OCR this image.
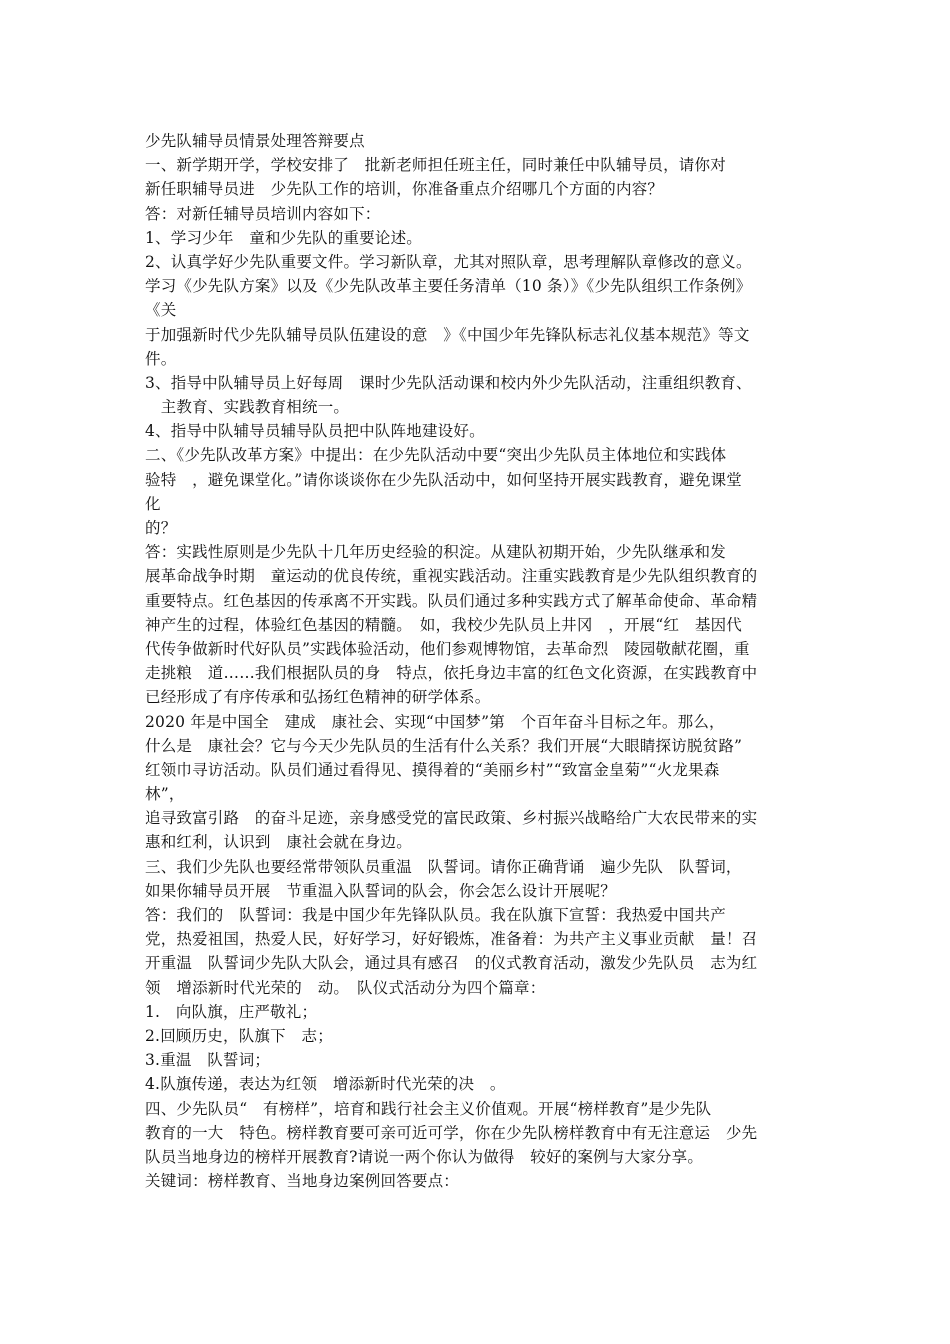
少先队辅导员情景处理答辩要点
一、新学期开学，学校安排了　批新老师担任班主任，同时兼任中队辅导员，请你对
新任职辅导员进　少先队工作的培训，你准备重点介绍哪几个方面的内容？
答：对新任辅导员培训内容如下：
1、学习少年　童和少先队的重要论述。
2、认真学好少先队重要文件。学习新队章，尤其对照队章，思考理解队章修改的意义。
学习《少先队方案》以及《少先队改革主要任务清单（10 条）》《少先队组织工作条例》
《关
于加强新时代少先队辅导员队伍建设的意　》《中国少年先锋队标志礼仪基本规范》等文
件。
3、指导中队辅导员上好每周　课时少先队活动课和校内外少先队活动，注重组织教育、
　主教育、实践教育相统一。
4、指导中队辅导员辅导队员把中队阵地建设好。
二、《少先队改革方案》中提出：在少先队活动中要“突出少先队员主体地位和实践体
验特　，避免课堂化。”请你谈谈你在少先队活动中，如何坚持开展实践教育，避免课堂
化
的？
答：实践性原则是少先队十几年历史经验的积淀。从建队初期开始，少先队继承和发
展革命战争时期　童运动的优良传统，重视实践活动。注重实践教育是少先队组织教育的
重要特点。红色基因的传承离不开实践。队员们通过多种实践方式了解革命使命、革命精
神产生的过程，体验红色基因的精髓。　如，我校少先队员上井冈　，开展“红　基因代
代传争做新时代好队员”实践体验活动，他们参观博物馆，去革命烈　陵园敬献花圈，重
走挑粮　道……我们根据队员的身　特点，依托身边丰富的红色文化资源，在实践教育中
已经形成了有序传承和弘扬红色精神的研学体系。
2020 年是中国全　建成　康社会、实现“中国梦”第　个百年奋斗目标之年。那么，
什么是　康社会？它与今天少先队员的生活有什么关系？我们开展“大眼睛探访脱贫路”
红领巾寻访活动。队员们通过看得见、摸得着的“美丽乡村”“致富金皇菊”“火龙果森
林”，
追寻致富引路　的奋斗足迹，亲身感受党的富民政策、乡村振兴战略给广大农民带来的实
惠和红利，认识到　康社会就在身边。
三、我们少先队也要经常带领队员重温　队誓词。请你正确背诵　遍少先队　队誓词，
如果你辅导员开展　节重温入队誓词的队会，你会怎么设计开展呢？
答：我们的　队誓词：我是中国少年先锋队队员。我在队旗下宣誓：我热爱中国共产
党，热爱祖国，热爱人民，好好学习，好好锻炼，准备着：为共产主义事业贡献　量！召
开重温　队誓词少先队大队会，通过具有感召　的仪式教育活动，激发少先队员　志为红
领　增添新时代光荣的　动。　队仪式活动分为四个篇章：
1.　向队旗，庄严敬礼；
2.回顾历史，队旗下　志；
3.重温　队誓词；
4.队旗传递，表达为红领　增添新时代光荣的决　。
四、少先队员“　有榜样”，培育和践行社会主义价值观。开展“榜样教育”是少先队
教育的一大　特色。榜样教育要可亲可近可学，你在少先队榜样教育中有无注意运　少先
队员当地身边的榜样开展教育?请说一两个你认为做得　较好的案例与大家分享。
关键词：榜样教育、当地身边案例回答要点：
